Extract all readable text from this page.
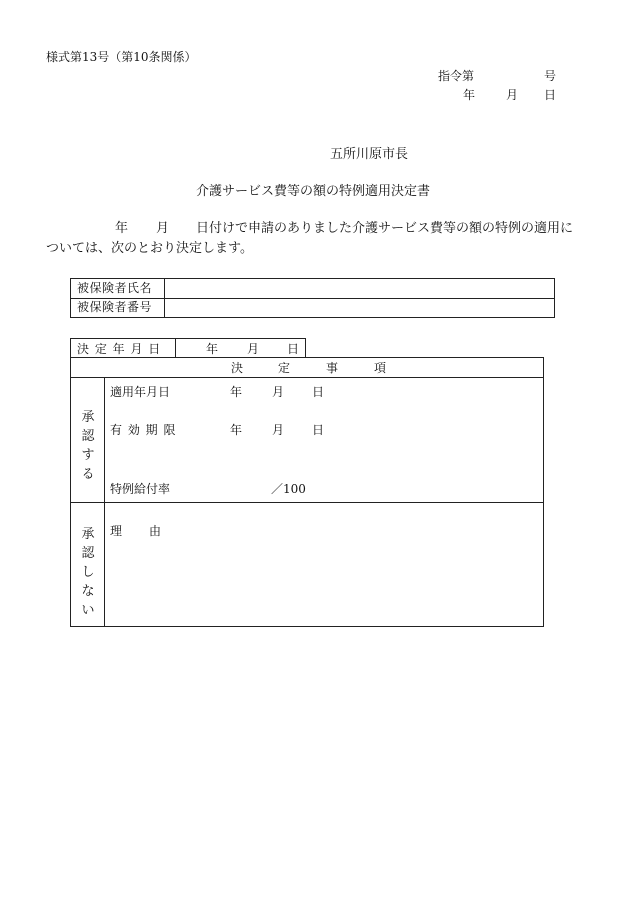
様式第13号（第10条関係）
指令第	号
年	月 日
五所川原市長
介護サービス費等の額の特例適用決定書
年 月 日付けで申請のありました介護サービス費等の額の特例の適用に
ついては、次のとおり決定します。
被保険者氏名
被保険者番号
決 定 年 月 日	年 月 日
決	定	事	項
承
認
す
る
適用年月日	年 月 日
有 効 期 限	年 月 日
特例給付率	／100
承
認
し
な
い
理 由
